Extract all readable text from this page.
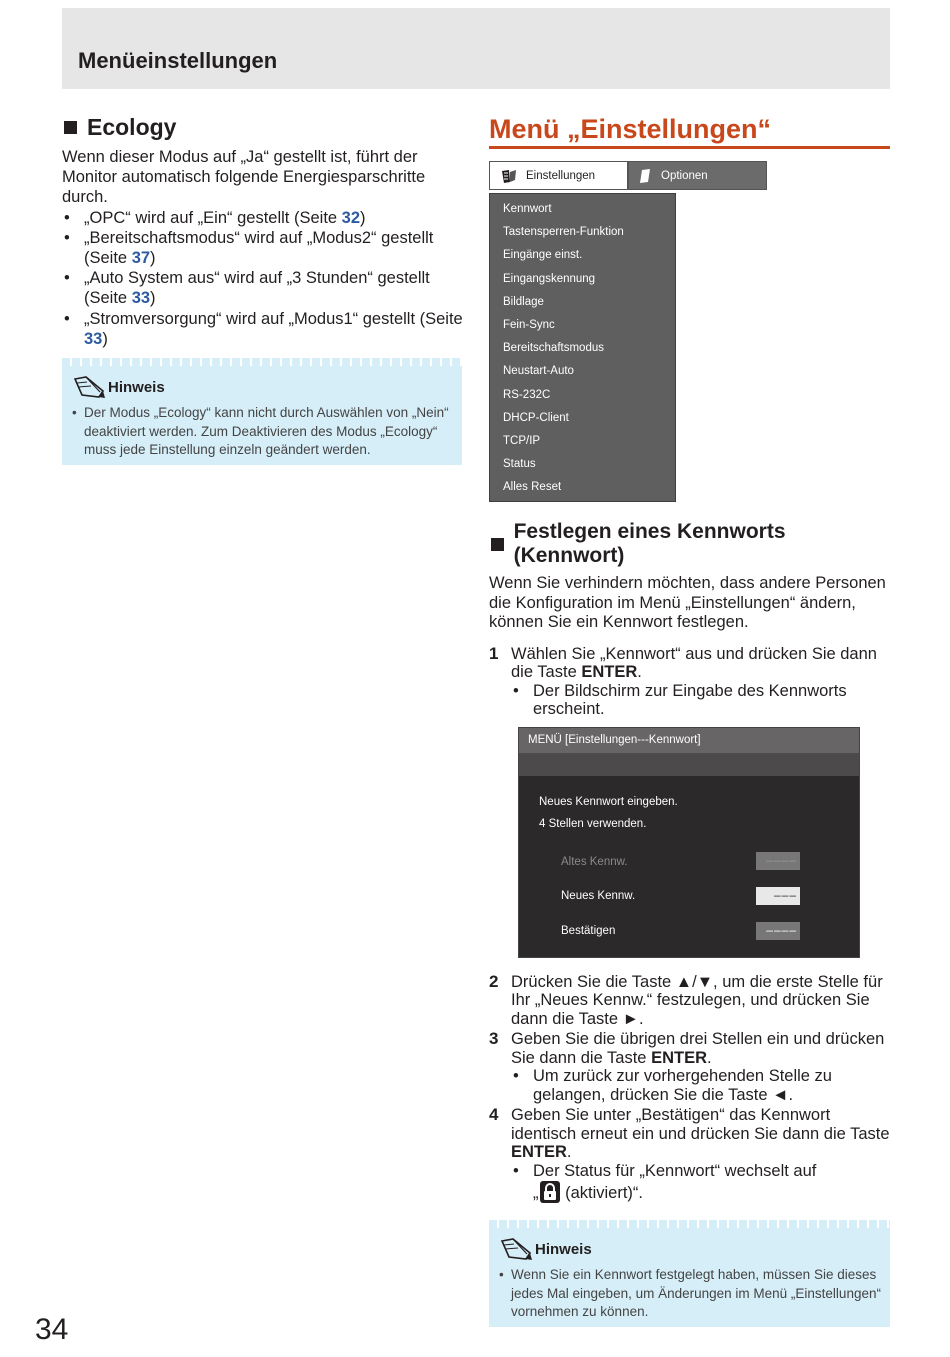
Menüeinstellungen
Ecology

Wenn dieser Modus auf „Ja“ gestellt ist, führt der Monitor automatisch folgende Energiesparschritte durch.

• „OPC“ wird auf „Ein“ gestellt (Seite 32)
• „Bereitschaftsmodus“ wird auf „Modus2“ gestellt (Seite 37)
• „Auto System aus“ wird auf „3 Stunden“ gestellt (Seite 33)
• „Stromversorgung“ wird auf „Modus1“ gestellt (Seite 33)
Hinweis
• Der Modus „Ecology“ kann nicht durch Auswählen von „Nein“ deaktiviert werden. Zum Deaktivieren des Modus „Ecology“ muss jede Einstellung einzeln geändert werden.
Menü „Einstellungen“
Einstellungen	Optionen
Kennwort
Tastensperren-Funktion
Eingänge einst.
Eingangskennung
Bildlage
Fein-Sync
Bereitschaftsmodus
Neustart-Auto
RS-232C
DHCP-Client
TCP/IP
Status
Alles Reset
Festlegen eines Kennworts (Kennwort)

Wenn Sie verhindern möchten, dass andere Personen die Konfiguration im Menü „Einstellungen“ ändern, können Sie ein Kennwort festlegen.

1 Wählen Sie „Kennwort“ aus und drücken Sie dann die Taste ENTER.
• Der Bildschirm zur Eingabe des Kennworts erscheint.
MENÜ [Einstellungen---Kennwort]
Neues Kennwort eingeben.
4 Stellen verwenden.
Altes Kennw.	––––
Neues Kennw.	–––
Bestätigen	––––
2 Drücken Sie die Taste ▲/▼, um die erste Stelle für Ihr „Neues Kennw.“ festzulegen, und drücken Sie dann die Taste ►.
3 Geben Sie die übrigen drei Stellen ein und drücken Sie dann die Taste ENTER.
• Um zurück zur vorhergehenden Stelle zu gelangen, drücken Sie die Taste ◄.
4 Geben Sie unter „Bestätigen“ das Kennwort identisch erneut ein und drücken Sie dann die Taste ENTER.
• Der Status für „Kennwort“ wechselt auf
„ (aktiviert)“.
Hinweis
• Wenn Sie ein Kennwort festgelegt haben, müssen Sie dieses jedes Mal eingeben, um Änderungen im Menü „Einstellungen“ vornehmen zu können.
34
